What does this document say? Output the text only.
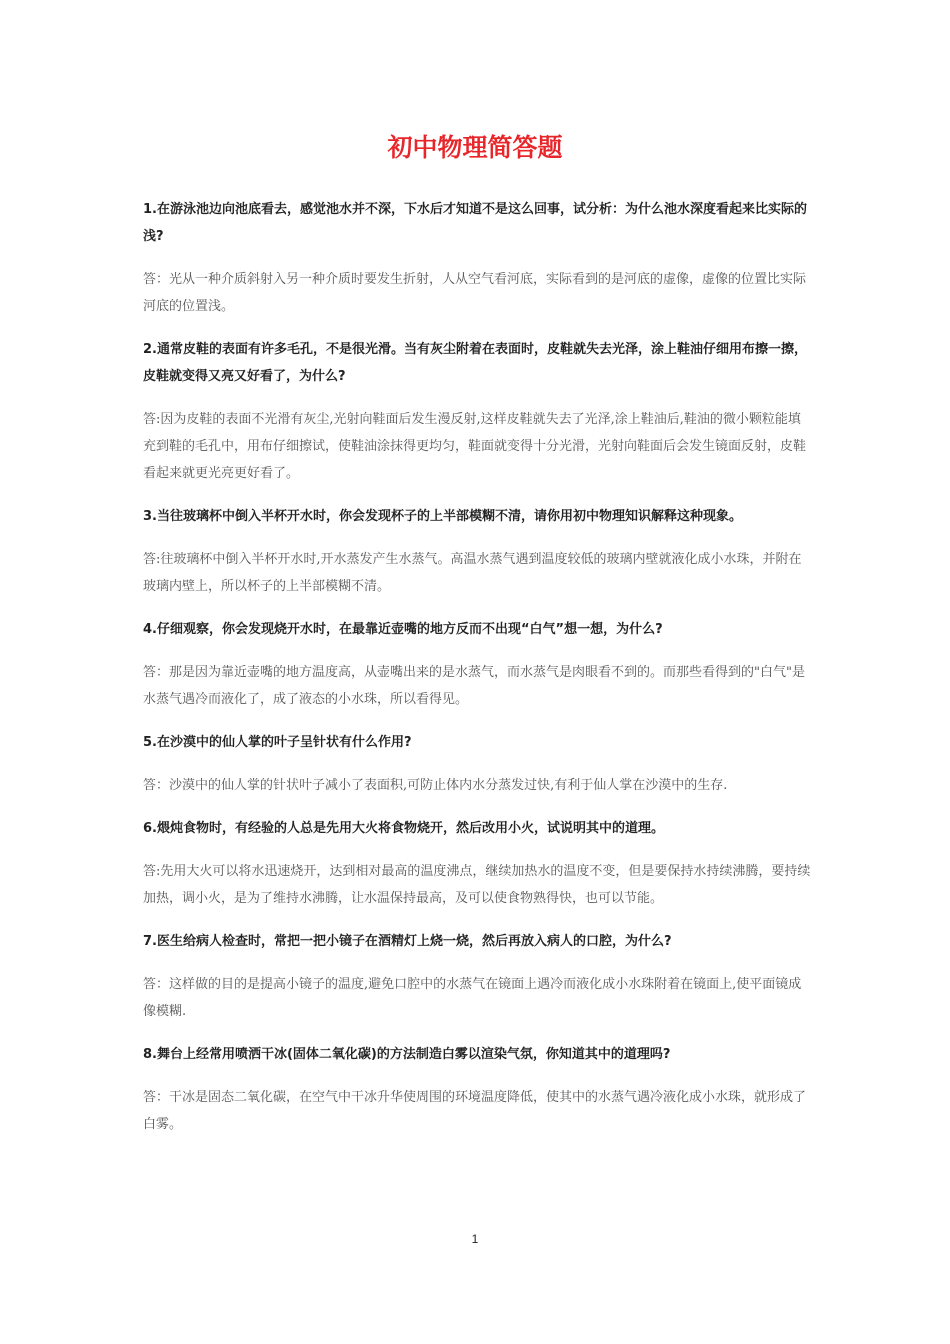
初中物理简答题

1.在游泳池边向池底看去，感觉池水并不深，下水后才知道不是这么回事，试分析：为什么池水深度看起来比实际的浅?

答：光从一种介质斜射入另一种介质时要发生折射，人从空气看河底，实际看到的是河底的虚像，虚像的位置比实际河底的位置浅。

2.通常皮鞋的表面有许多毛孔，不是很光滑。当有灰尘附着在表面时，皮鞋就失去光泽，涂上鞋油仔细用布擦一擦，皮鞋就变得又亮又好看了，为什么?

答:因为皮鞋的表面不光滑有灰尘,光射向鞋面后发生漫反射,这样皮鞋就失去了光泽,涂上鞋油后,鞋油的微小颗粒能填充到鞋的毛孔中，用布仔细擦试，使鞋油涂抹得更均匀，鞋面就变得十分光滑，光射向鞋面后会发生镜面反射，皮鞋看起来就更光亮更好看了。

3.当往玻璃杯中倒入半杯开水时，你会发现杯子的上半部模糊不清，请你用初中物理知识解释这种现象。

答:往玻璃杯中倒入半杯开水时,开水蒸发产生水蒸气。高温水蒸气遇到温度较低的玻璃内壁就液化成小水珠，并附在玻璃内壁上，所以杯子的上半部模糊不清。

4.仔细观察，你会发现烧开水时，在最靠近壶嘴的地方反而不出现“白气”想一想，为什么?

答：那是因为靠近壶嘴的地方温度高，从壶嘴出来的是水蒸气，而水蒸气是肉眼看不到的。而那些看得到的"白气"是水蒸气遇冷而液化了，成了液态的小水珠，所以看得见。

5.在沙漠中的仙人掌的叶子呈针状有什么作用?

答：沙漠中的仙人掌的针状叶子减小了表面积,可防止体内水分蒸发过快,有利于仙人掌在沙漠中的生存.

6.煨炖食物时，有经验的人总是先用大火将食物烧开，然后改用小火，试说明其中的道理。

答:先用大火可以将水迅速烧开，达到相对最高的温度沸点，继续加热水的温度不变，但是要保持水持续沸腾，要持续加热，调小火，是为了维持水沸腾，让水温保持最高，及可以使食物熟得快，也可以节能。

7.医生给病人检查时，常把一把小镜子在酒精灯上烧一烧，然后再放入病人的口腔，为什么?

答：这样做的目的是提高小镜子的温度,避免口腔中的水蒸气在镜面上遇冷而液化成小水珠附着在镜面上,使平面镜成像模糊.

8.舞台上经常用喷洒干冰(固体二氧化碳)的方法制造白雾以渲染气氛，你知道其中的道理吗?

答：干冰是固态二氧化碳，在空气中干冰升华使周围的环境温度降低，使其中的水蒸气遇冷液化成小水珠，就形成了白雾。

1
